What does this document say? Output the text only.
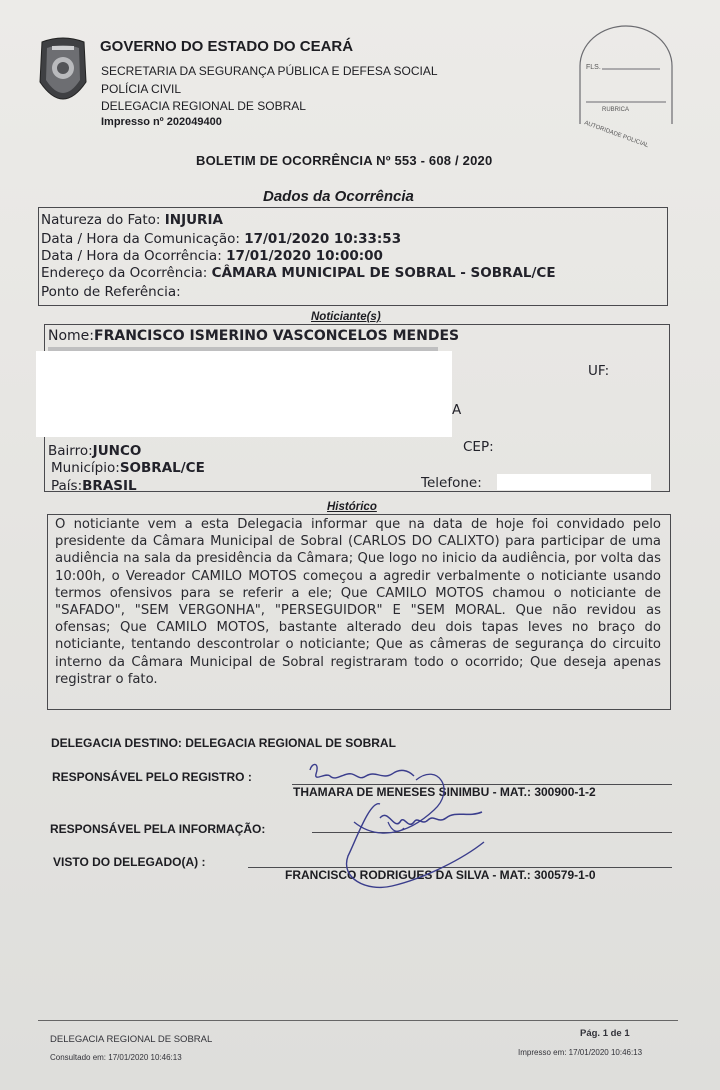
GOVERNO DO ESTADO DO CEARÁ
SECRETARIA DA SEGURANÇA PÚBLICA E DEFESA SOCIAL
POLÍCIA CIVIL
DELEGACIA REGIONAL DE SOBRAL
Impresso nº 202049400
FLS.
RUBRICA
AUTORIDADE POLICIAL
BOLETIM DE OCORRÊNCIA Nº 553 - 608 / 2020
Dados da Ocorrência
Natureza do Fato: INJURIA
Data / Hora da Comunicação: 17/01/2020 10:33:53
Data / Hora da Ocorrência: 17/01/2020 10:00:00
Endereço da Ocorrência: CÂMARA MUNICIPAL DE SOBRAL - SOBRAL/CE
Ponto de Referência:
Noticiante(s)
Nome:FRANCISCO ISMERINO VASCONCELOS MENDES
UF:
A
CEP:
Bairro:JUNCO
Município:SOBRAL/CE
País:BRASIL	Telefone:
Histórico
O noticiante vem a esta Delegacia informar que na data de hoje foi convidado pelo presidente da Câmara Municipal de Sobral (CARLOS DO CALIXTO) para participar de uma audiência na sala da presidência da Câmara; Que logo no inicio da audiência, por volta das 10:00h, o Vereador CAMILO MOTOS começou a agredir verbalmente o noticiante usando termos ofensivos para se referir a ele; Que CAMILO MOTOS chamou o noticiante de "SAFADO", "SEM VERGONHA", "PERSEGUIDOR" E "SEM MORAL. Que não revidou as ofensas; Que CAMILO MOTOS, bastante alterado deu dois tapas leves no braço do noticiante, tentando descontrolar o noticiante; Que as câmeras de segurança do circuito interno da Câmara Municipal de Sobral registraram todo o ocorrido; Que deseja apenas registrar o fato.
DELEGACIA DESTINO: DELEGACIA REGIONAL DE SOBRAL
RESPONSÁVEL PELO REGISTRO :
THAMARA DE MENESES SINIMBU - MAT.: 300900-1-2
RESPONSÁVEL PELA INFORMAÇÃO:
VISTO DO DELEGADO(A) :
FRANCISCO RODRIGUES DA SILVA - MAT.: 300579-1-0
DELEGACIA REGIONAL DE SOBRAL
Consultado em: 17/01/2020 10:46:13
Pág. 1 de 1
Impresso em: 17/01/2020 10:46:13
